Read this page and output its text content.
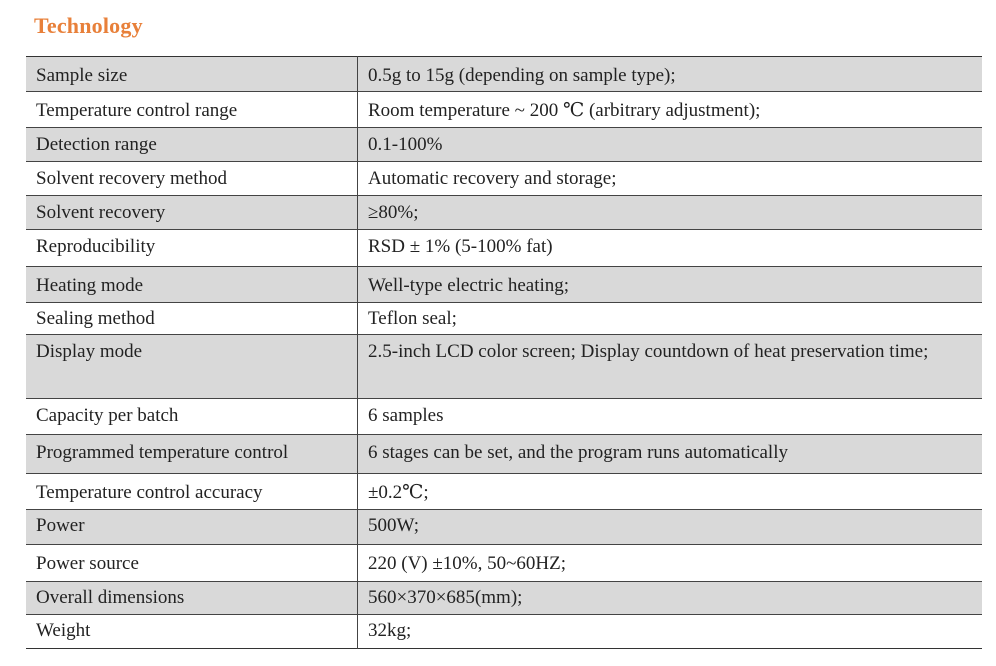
Technology
Sample size	0.5g to 15g (depending on sample type);
Temperature control range	Room temperature ~ 200 ℃ (arbitrary adjustment);
Detection range	0.1-100%
Solvent recovery method	Automatic recovery and storage;
Solvent recovery	≥80%;
Reproducibility	RSD ± 1% (5-100% fat)
Heating mode	Well-type electric heating;
Sealing method	Teflon seal;
Display mode	2.5-inch LCD color screen; Display countdown of heat preservation time;
Capacity per batch	6 samples
Programmed temperature control	6 stages can be set, and the program runs automatically
Temperature control accuracy	±0.2℃;
Power	500W;
Power source	220 (V) ±10%, 50~60HZ;
Overall dimensions	560×370×685(mm);
Weight	32kg;
